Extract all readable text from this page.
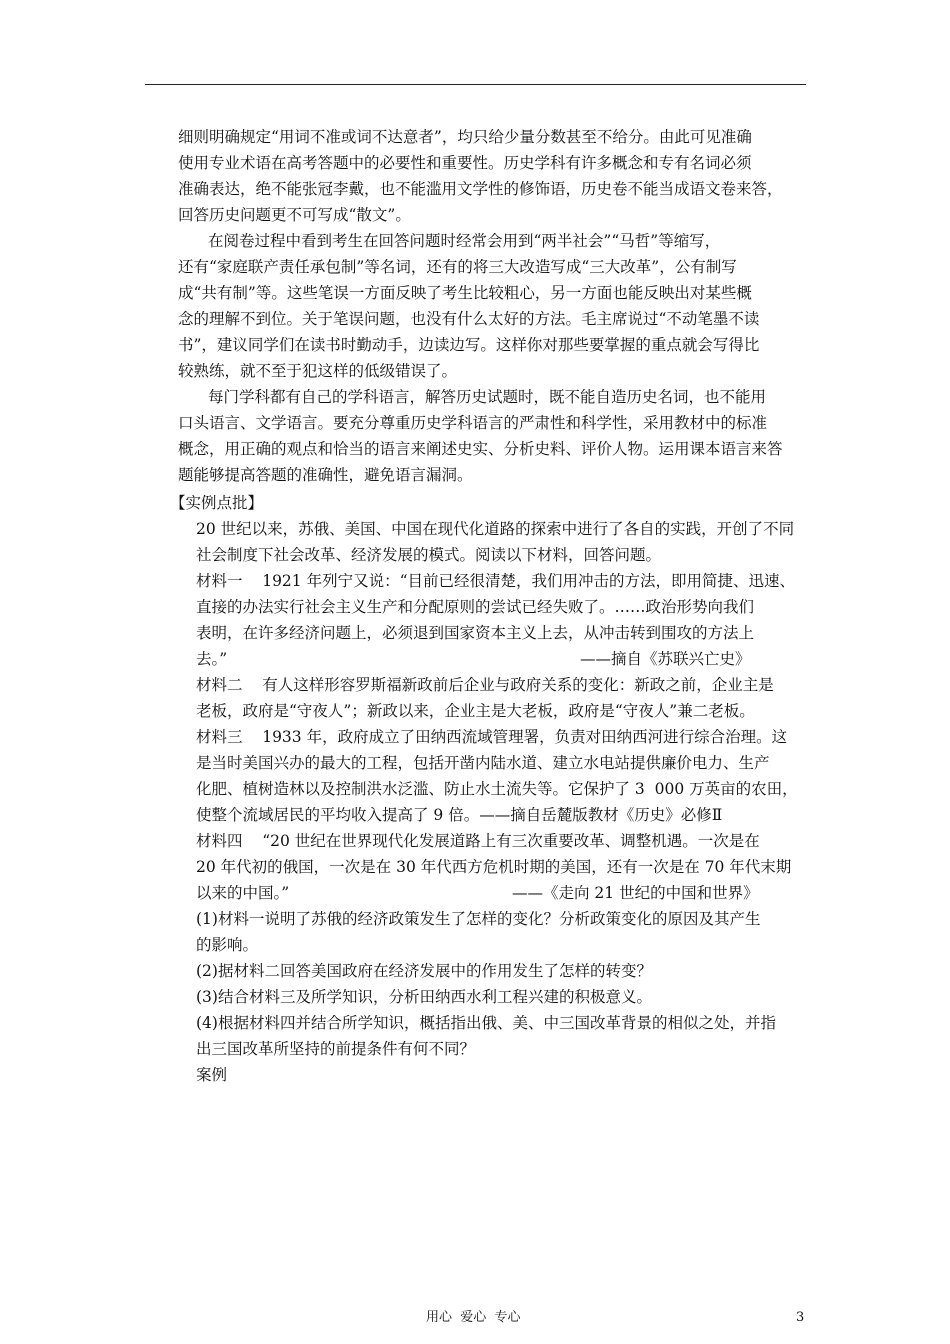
细则明确规定“用词不准或词不达意者”，均只给少量分数甚至不给分。由此可见准确
使用专业术语在高考答题中的必要性和重要性。历史学科有许多概念和专有名词必须
准确表达，绝不能张冠李戴，也不能滥用文学性的修饰语，历史卷不能当成语文卷来答，
回答历史问题更不可写成“散文”。
在阅卷过程中看到考生在回答问题时经常会用到“两半社会”“马哲”等缩写，
还有“家庭联产责任承包制”等名词，还有的将三大改造写成“三大改革”，公有制写
成“共有制”等。这些笔误一方面反映了考生比较粗心，另一方面也能反映出对某些概
念的理解不到位。关于笔误问题，也没有什么太好的方法。毛主席说过“不动笔墨不读
书”，建议同学们在读书时勤动手，边读边写。这样你对那些要掌握的重点就会写得比
较熟练，就不至于犯这样的低级错误了。
每门学科都有自己的学科语言，解答历史试题时，既不能自造历史名词，也不能用
口头语言、文学语言。要充分尊重历史学科语言的严肃性和科学性，采用教材中的标准
概念，用正确的观点和恰当的语言来阐述史实、分析史料、评价人物。运用课本语言来答
题能够提高答题的准确性，避免语言漏洞。
【实例点批】
20 世纪以来，苏俄、美国、中国在现代化道路的探索中进行了各自的实践，开创了不同
社会制度下社会改革、经济发展的模式。阅读以下材料，回答问题。
材料一    1921 年列宁又说：“目前已经很清楚，我们用冲击的方法，即用简捷、迅速、
直接的办法实行社会主义生产和分配原则的尝试已经失败了。……政治形势向我们
表明，在许多经济问题上，必须退到国家资本主义上去，从冲击转到围攻的方法上
去。”	——摘自《苏联兴亡史》
材料二    有人这样形容罗斯福新政前后企业与政府关系的变化：新政之前，企业主是
老板，政府是“守夜人”；新政以来，企业主是大老板，政府是“守夜人”兼二老板。
材料三    1933 年，政府成立了田纳西流域管理署，负责对田纳西河进行综合治理。这
是当时美国兴办的最大的工程，包括开凿内陆水道、建立水电站提供廉价电力、生产
化肥、植树造林以及控制洪水泛滥、防止水土流失等。它保护了 3  000 万英亩的农田，
使整个流域居民的平均收入提高了 9 倍。——摘自岳麓版教材《历史》必修Ⅱ
材料四    “20 世纪在世界现代化发展道路上有三次重要改革、调整机遇。一次是在
20 年代初的俄国，一次是在 30 年代西方危机时期的美国，还有一次是在 70 年代末期
以来的中国。”	——《走向 21 世纪的中国和世界》
(1)材料一说明了苏俄的经济政策发生了怎样的变化？分析政策变化的原因及其产生
的影响。
(2)据材料二回答美国政府在经济发展中的作用发生了怎样的转变？
(3)结合材料三及所学知识，分析田纳西水利工程兴建的积极意义。
(4)根据材料四并结合所学知识，概括指出俄、美、中三国改革背景的相似之处，并指
出三国改革所坚持的前提条件有何不同？
案例
用心  爱心  专心	3
